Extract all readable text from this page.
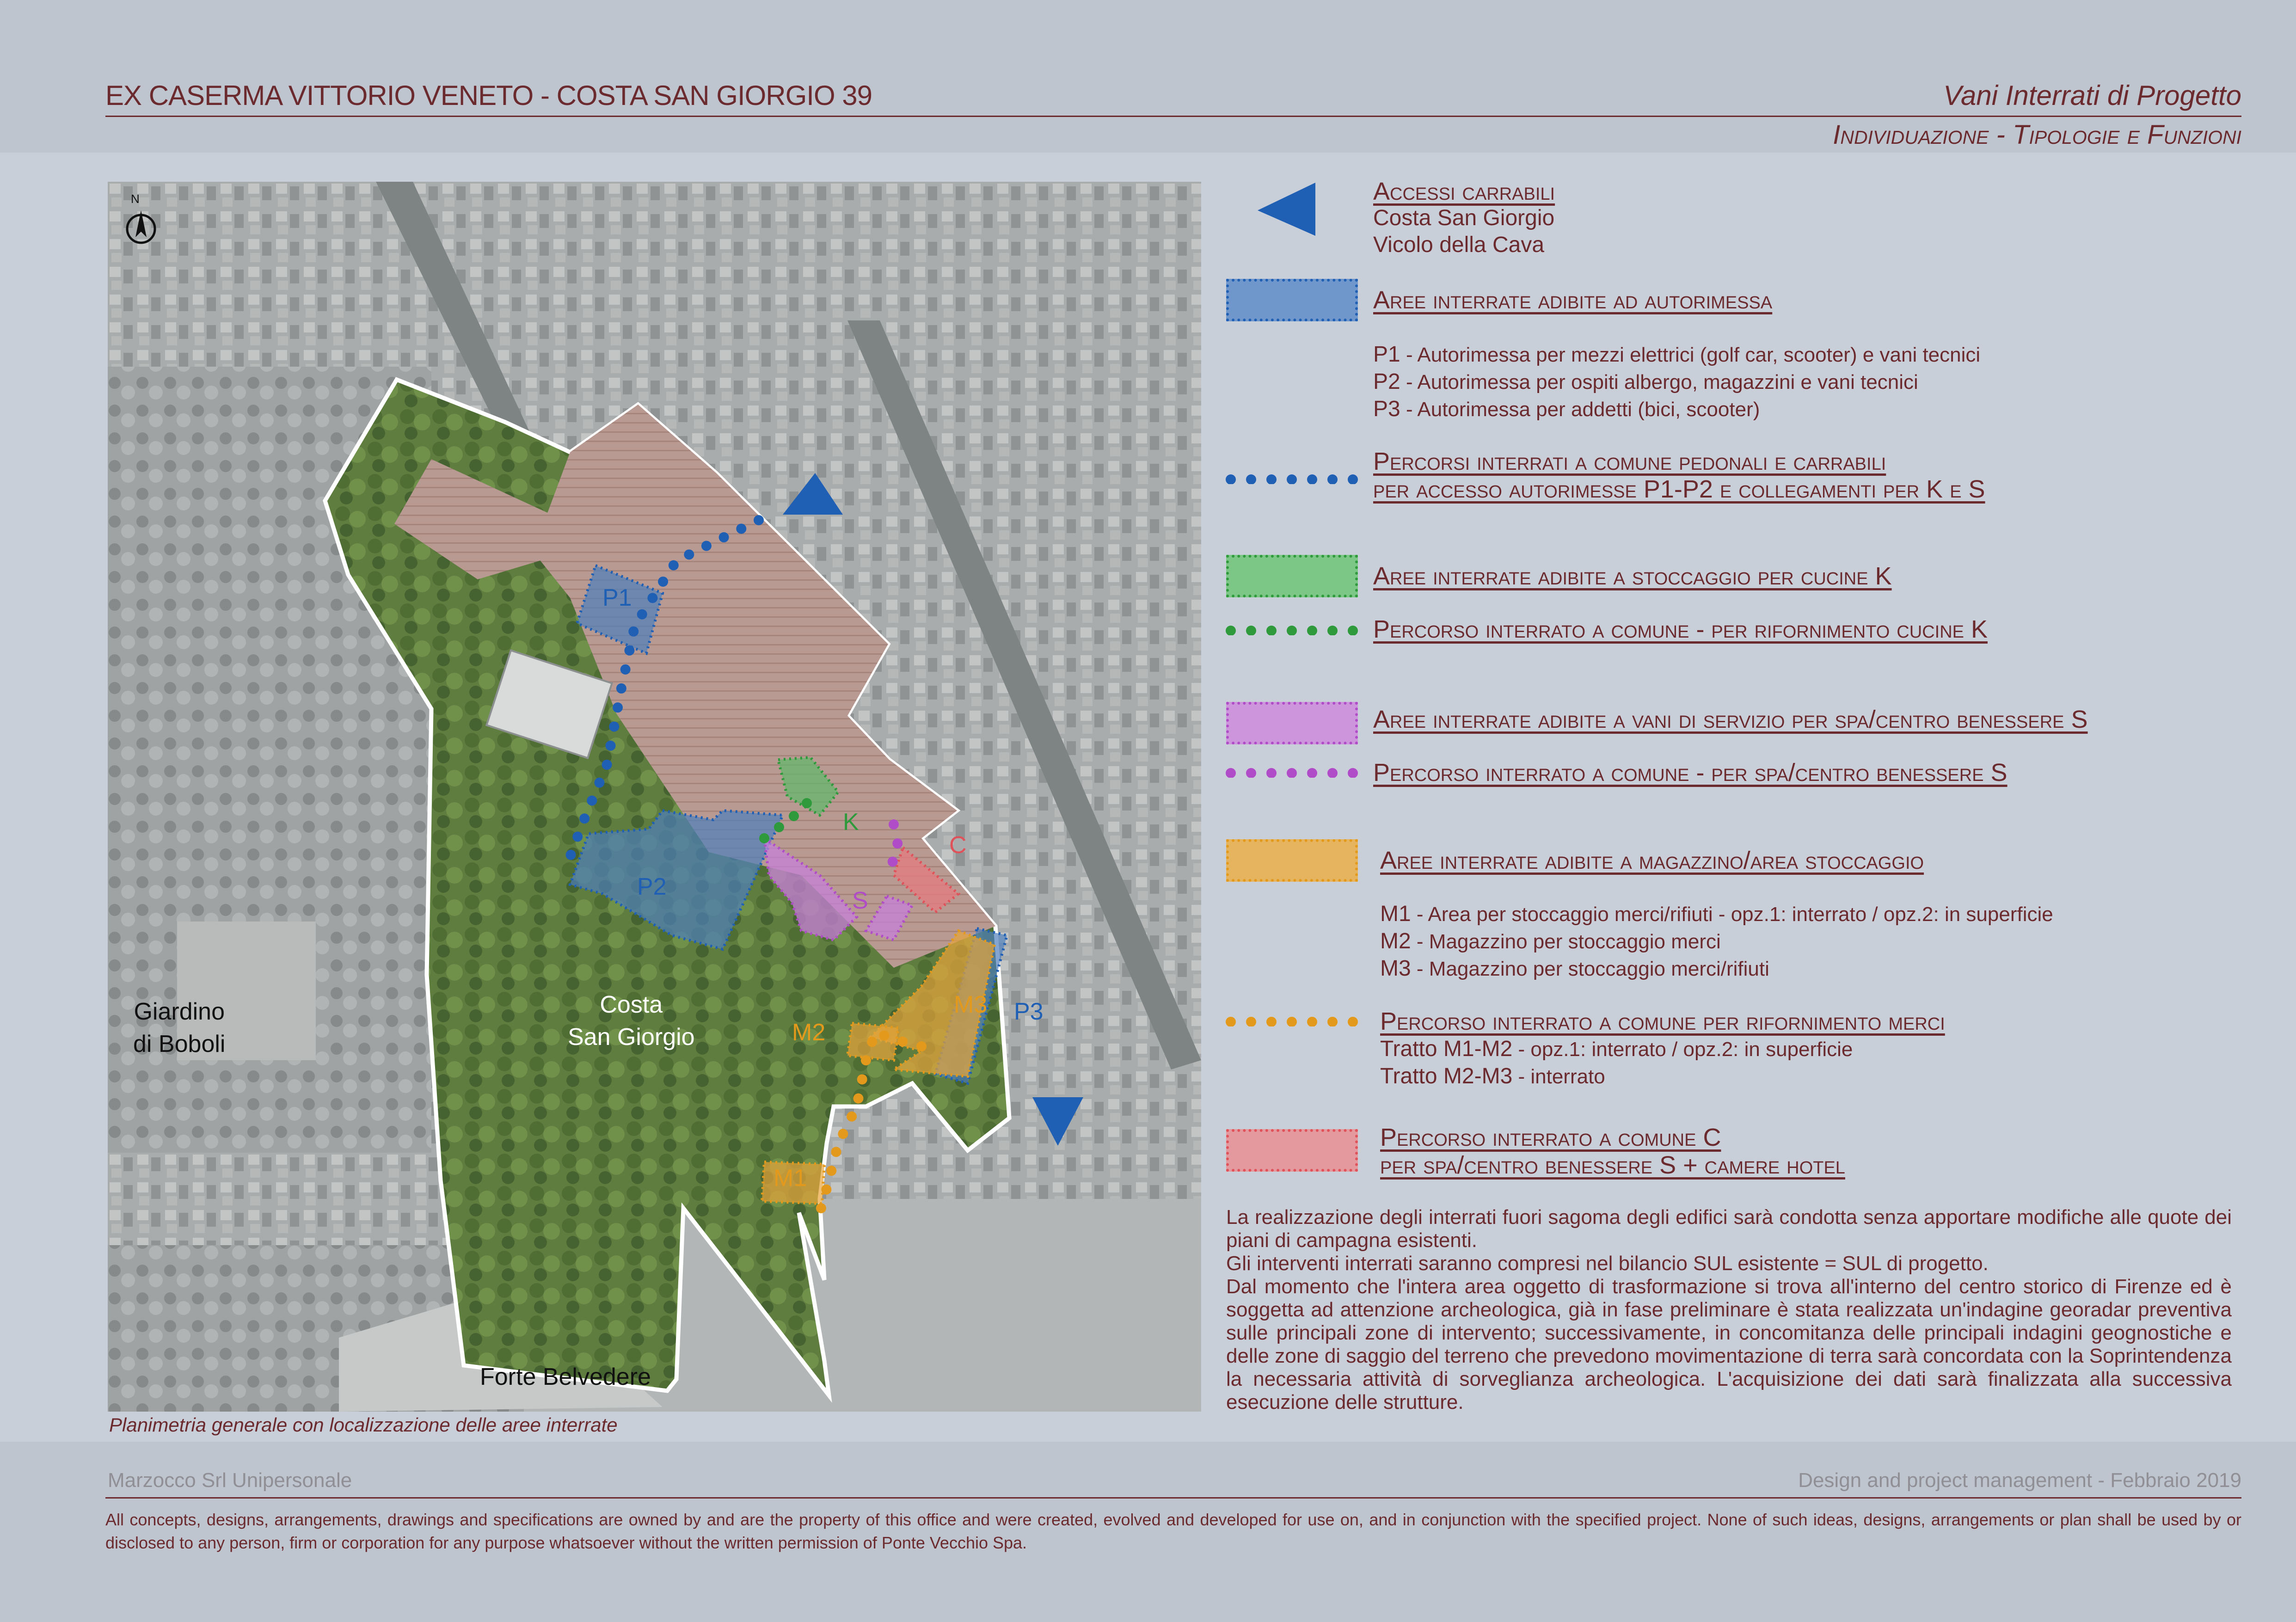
EX CASERMA VITTORIO VENETO - COSTA SAN GIORGIO 39	Vani Interrati di Progetto
Individuazione - Tipologie e Funzioni
N
P1
P2
P3
K
S
C
M1
M2
M3
Giardino
di Boboli
Costa
San Giorgio
Forte Belvedere
Planimetria generale con localizzazione delle aree interrate
Accessi carrabili
Costa San Giorgio
Vicolo della Cava
Aree interrate adibite ad autorimessa
P1 - Autorimessa per mezzi elettrici (golf car, scooter) e vani tecnici
P2 - Autorimessa per ospiti albergo, magazzini e vani tecnici
P3 - Autorimessa per addetti (bici, scooter)
Percorsi interrati a comune pedonali e carrabili
per accesso autorimesse P1-P2 e collegamenti per K e S
Aree interrate adibite a stoccaggio per cucine K
Percorso interrato a comune - per rifornimento cucine K
Aree interrate adibite a vani di servizio per spa/centro benessere S
Percorso interrato a comune - per spa/centro benessere S
Aree interrate adibite a magazzino/area stoccaggio
M1 - Area per stoccaggio merci/rifiuti - opz.1: interrato / opz.2: in superficie
M2 - Magazzino per stoccaggio merci
M3 - Magazzino per stoccaggio merci/rifiuti
Percorso interrato a comune per rifornimento merci
Tratto M1-M2 - opz.1: interrato / opz.2: in superficie
Tratto M2-M3 - interrato
Percorso interrato a comune C
per spa/centro benessere S + camere hotel
La realizzazione degli interrati fuori sagoma degli edifici sarà condotta senza apportare modifiche alle quote dei piani di campagna esistenti.
Gli interventi interrati saranno compresi nel bilancio SUL esistente = SUL di progetto.
Dal momento che l'intera area oggetto di trasformazione si trova all'interno del centro storico di Firenze ed è soggetta ad attenzione archeologica, già in fase preliminare è stata realizzata un'indagine georadar preventiva sulle principali zone di intervento; successivamente, in concomitanza delle principali indagini geognostiche e delle zone di saggio del terreno che prevedono movimentazione di terra sarà concordata con la Soprintendenza la necessaria attività di sorveglianza archeologica. L'acquisizione dei dati sarà finalizzata alla successiva esecuzione delle strutture.
Marzocco Srl Unipersonale	Design and project management - Febbraio 2019
All concepts, designs, arrangements, drawings and specifications are owned by and are the property of this office and were created, evolved and developed for use on, and in conjunction with the specified project. None of such ideas, designs, arrangements or plan shall be used by or disclosed to any person, firm or corporation for any purpose whatsoever without the written permission of Ponte Vecchio Spa.
